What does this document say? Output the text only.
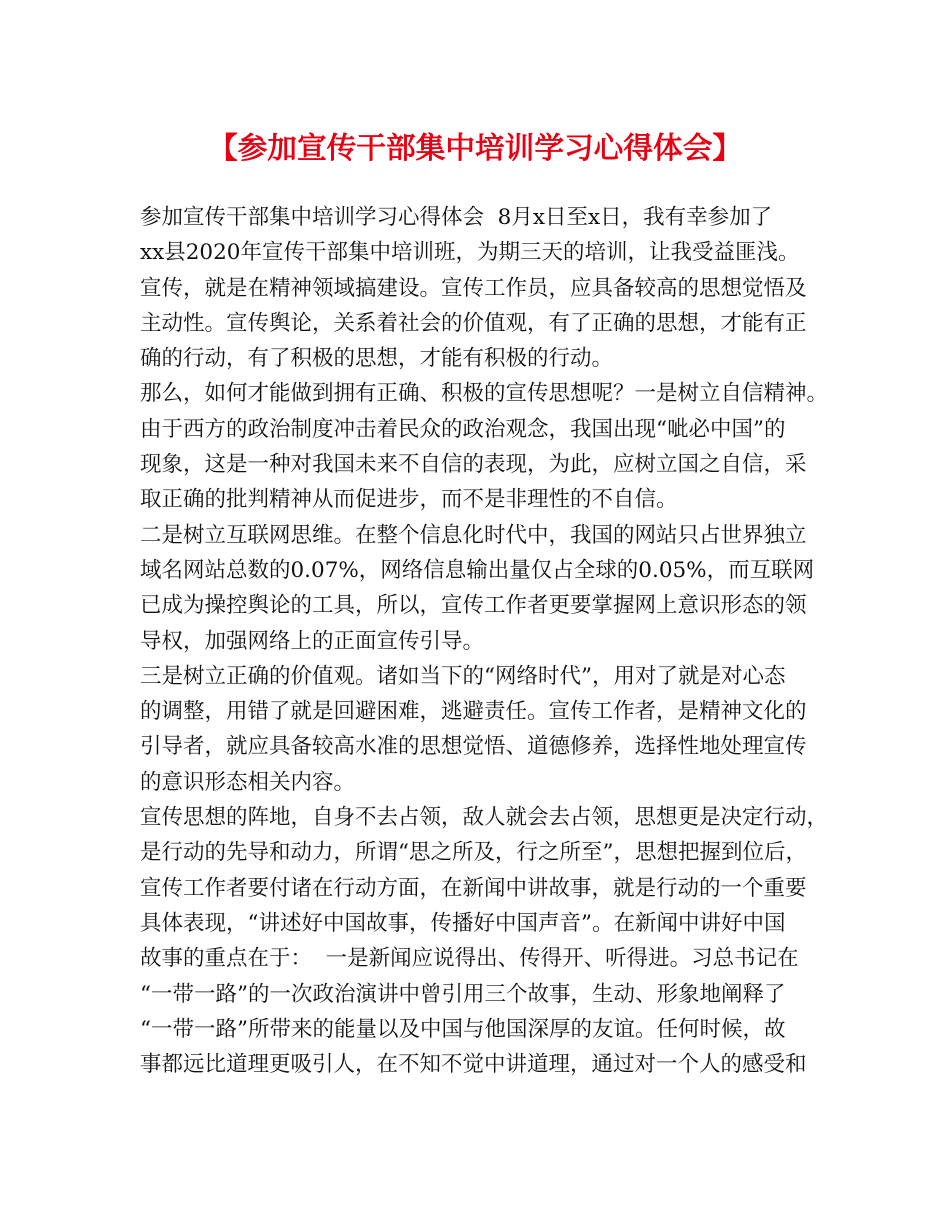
【参加宣传干部集中培训学习心得体会】
参加宣传干部集中培训学习心得体会  8月x日至x日，我有幸参加了
xx县2020年宣传干部集中培训班，为期三天的培训，让我受益匪浅。
宣传，就是在精神领域搞建设。宣传工作员，应具备较高的思想觉悟及
主动性。宣传舆论，关系着社会的价值观，有了正确的思想，才能有正
确的行动，有了积极的思想，才能有积极的行动。
那么，如何才能做到拥有正确、积极的宣传思想呢？一是树立自信精神。
由于西方的政治制度冲击着民众的政治观念，我国出现“呲必中国”的
现象，这是一种对我国未来不自信的表现，为此，应树立国之自信，采
取正确的批判精神从而促进步，而不是非理性的不自信。
二是树立互联网思维。在整个信息化时代中，我国的网站只占世界独立
域名网站总数的0.07%，网络信息输出量仅占全球的0.05%，而互联网
已成为操控舆论的工具，所以，宣传工作者更要掌握网上意识形态的领
导权，加强网络上的正面宣传引导。
三是树立正确的价值观。诸如当下的“网络时代”，用对了就是对心态
的调整，用错了就是回避困难，逃避责任。宣传工作者，是精神文化的
引导者，就应具备较高水准的思想觉悟、道德修养，选择性地处理宣传
的意识形态相关内容。
宣传思想的阵地，自身不去占领，敌人就会去占领，思想更是决定行动，
是行动的先导和动力，所谓“思之所及，行之所至”，思想把握到位后，
宣传工作者要付诸在行动方面，在新闻中讲故事，就是行动的一个重要
具体表现，“讲述好中国故事，传播好中国声音”。在新闻中讲好中国
故事的重点在于：  一是新闻应说得出、传得开、听得进。习总书记在
“一带一路”的一次政治演讲中曾引用三个故事，生动、形象地阐释了
“一带一路”所带来的能量以及中国与他国深厚的友谊。任何时候，故
事都远比道理更吸引人，在不知不觉中讲道理，通过对一个人的感受和
